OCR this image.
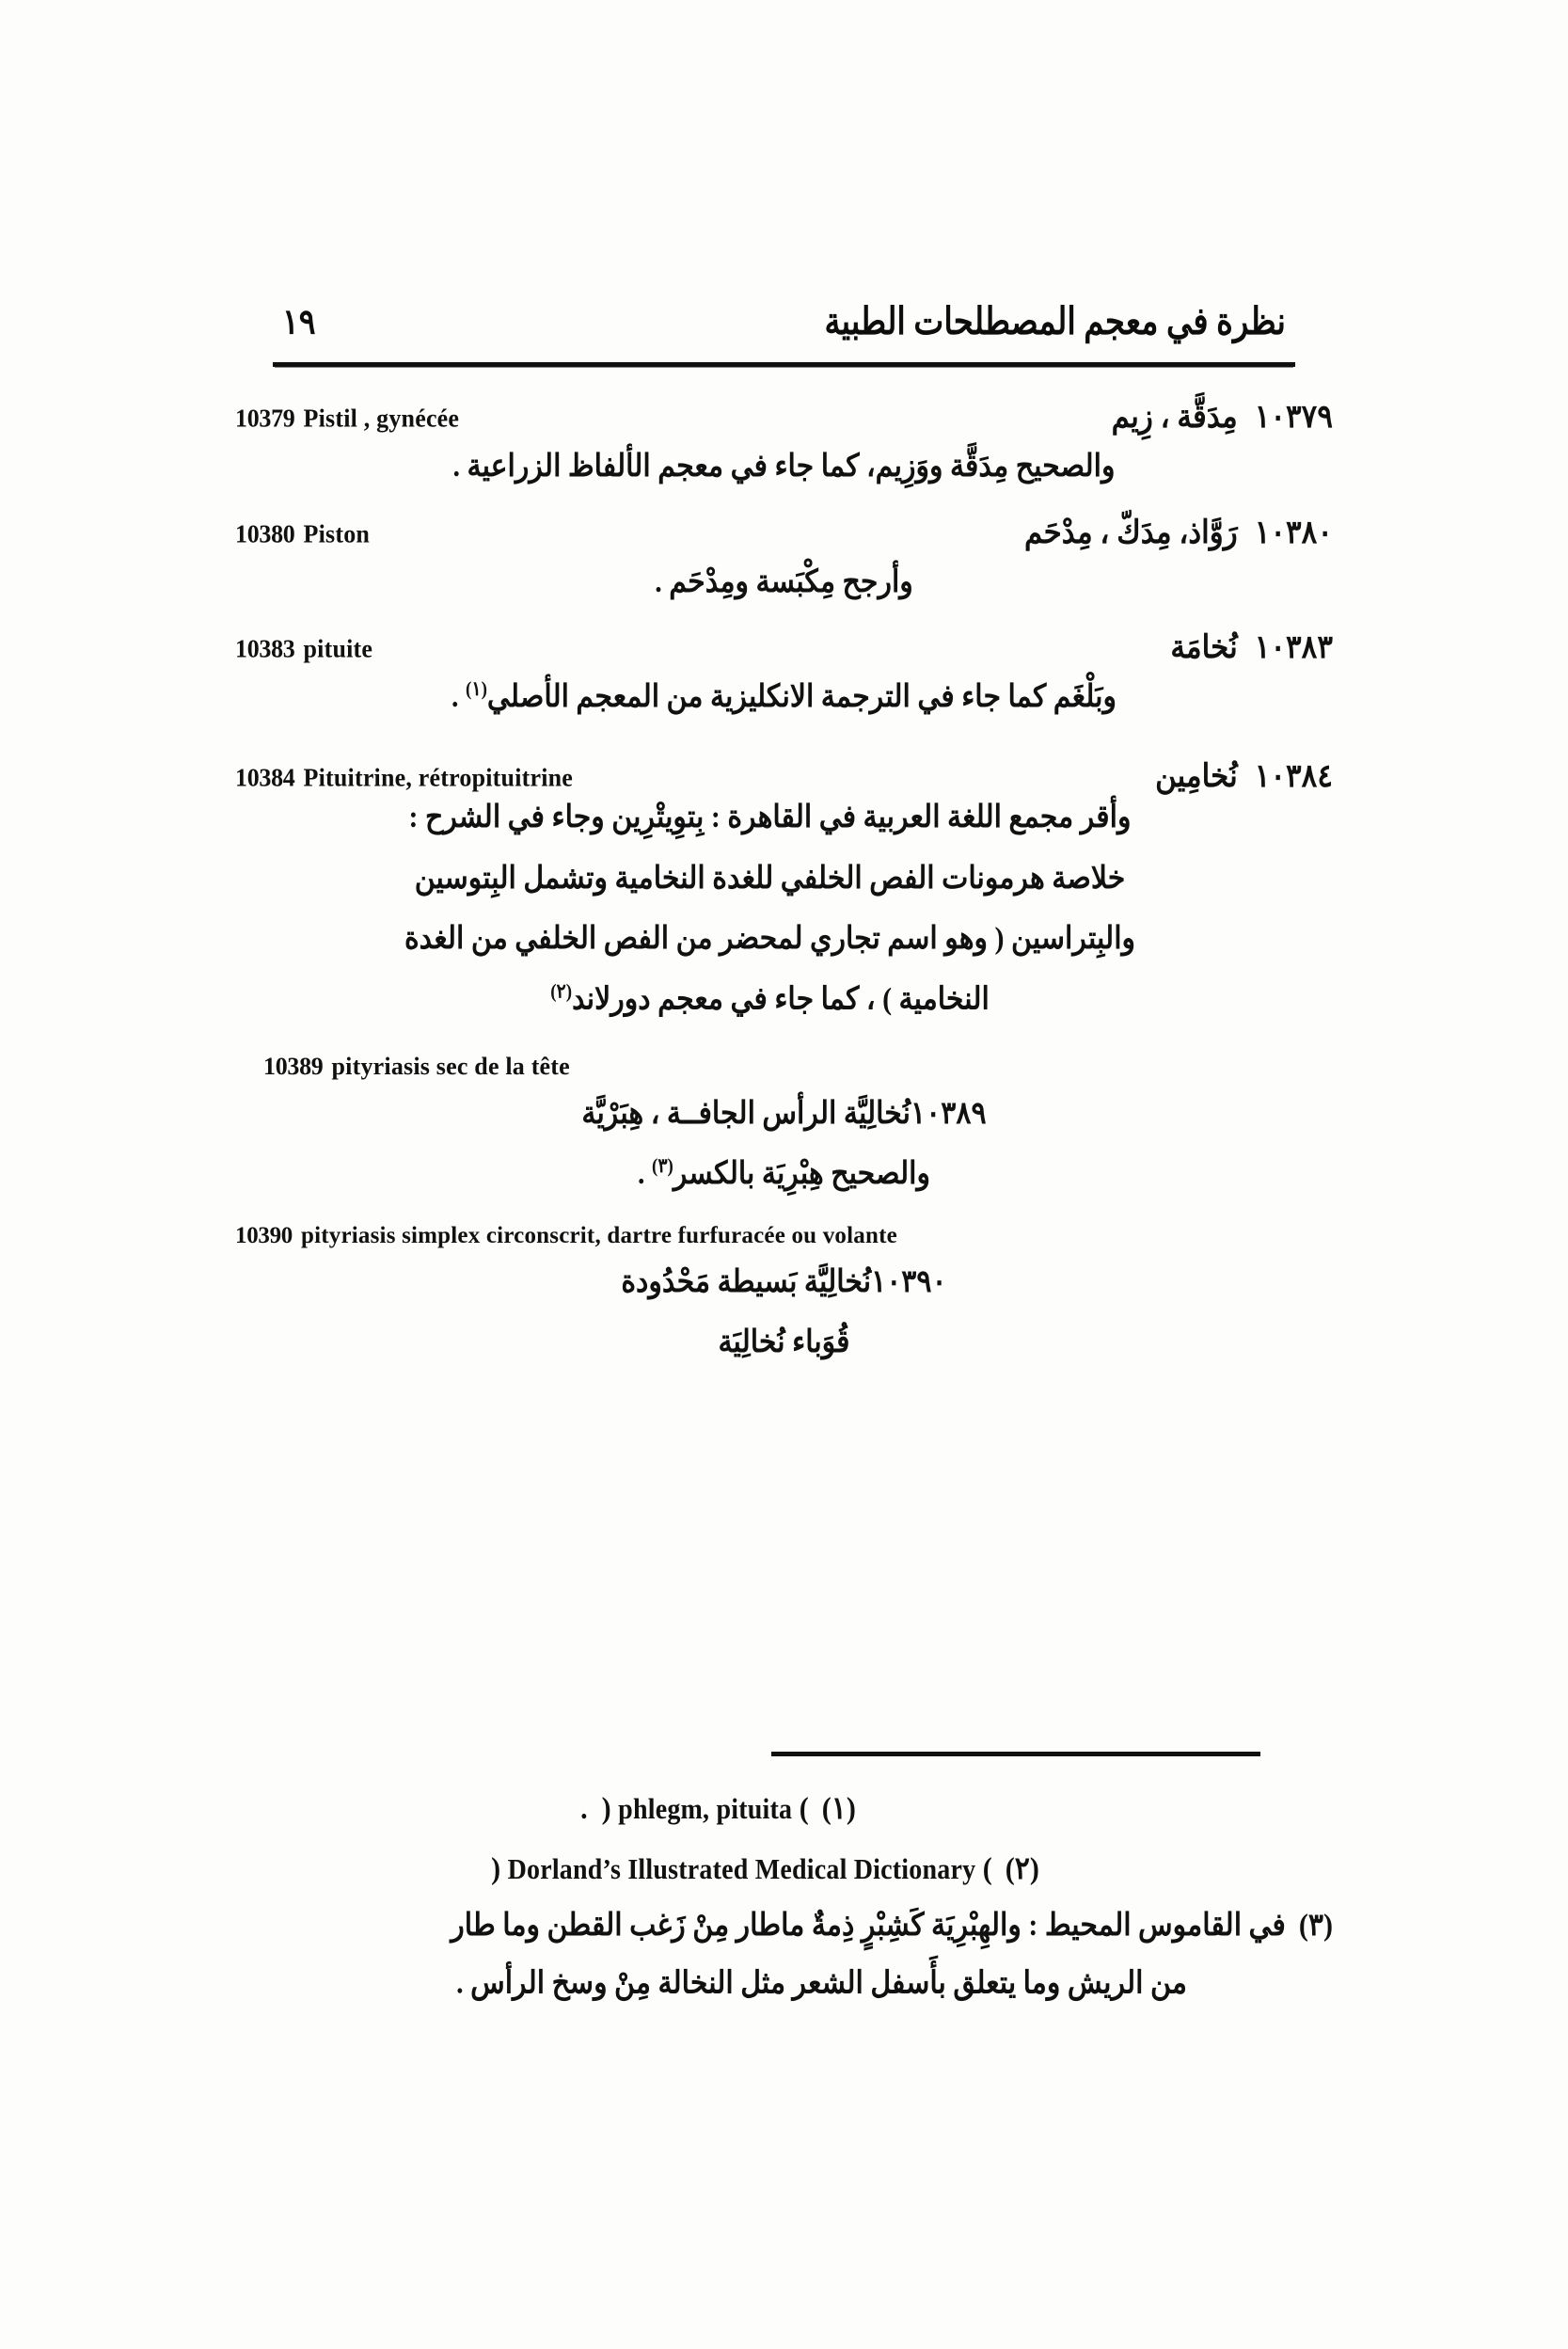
١٩	نظرة في معجم المصطلحات الطبية
10379 Pistil , gynécée	١٠٣٧٩مِدَقَّة ، زِيم
والصحيح مِدَقَّة ووَزِيم، كما جاء في معجم الألفاظ الزراعية .
10380 Piston	١٠٣٨٠رَوَّاذ، مِدَكّ ، مِدْحَم
وأرجح مِكْبَسة ومِدْحَم .
10383 pituite	١٠٣٨٣نُخامَة
وبَلْغَم كما جاء في الترجمة الانكليزية من المعجم الأصلي$^{(١)}$ .
10384 Pituitrine, rétropituitrine	١٠٣٨٤نُخامِين
وأقر مجمع اللغة العربية في القاهرة : بِتوِيتْرِين وجاء في الشرح :
خلاصة هرمونات الفص الخلفي للغدة النخامية وتشمل البِتوسين
والبِتراسين ( وهو اسم تجاري لمحضر من الفص الخلفي من الغدة
النخامية ) ، كما جاء في معجم دورلاند$^{(٢)}$
10389 pityriasis sec de la tête
١٠٣٨٩نُخالِيَّة الرأس الجافــة ، هِبَرْيَّة
والصحيح هِبْرِيَة بالكسر$^{(٣)}$ .
10390 pityriasis simplex circonscrit, dartre furfuracée ou volante
١٠٣٩٠نُخالِيَّة بَسيطة مَحْدُودة
قُوَباء نُخالِيَة
(١)) phlegm, pituita (  .
(٢)) Dorland’s Illustrated Medical Dictionary (
(٣)في القاموس المحيط : والهِبْرِيَة كَشِبْرٍ ذِمةٌ ماطار مِنْ زَغب القطن وما طار
من الريش وما يتعلق بأَسفل الشعر مثل النخالة مِنْ وسخ الرأس .
